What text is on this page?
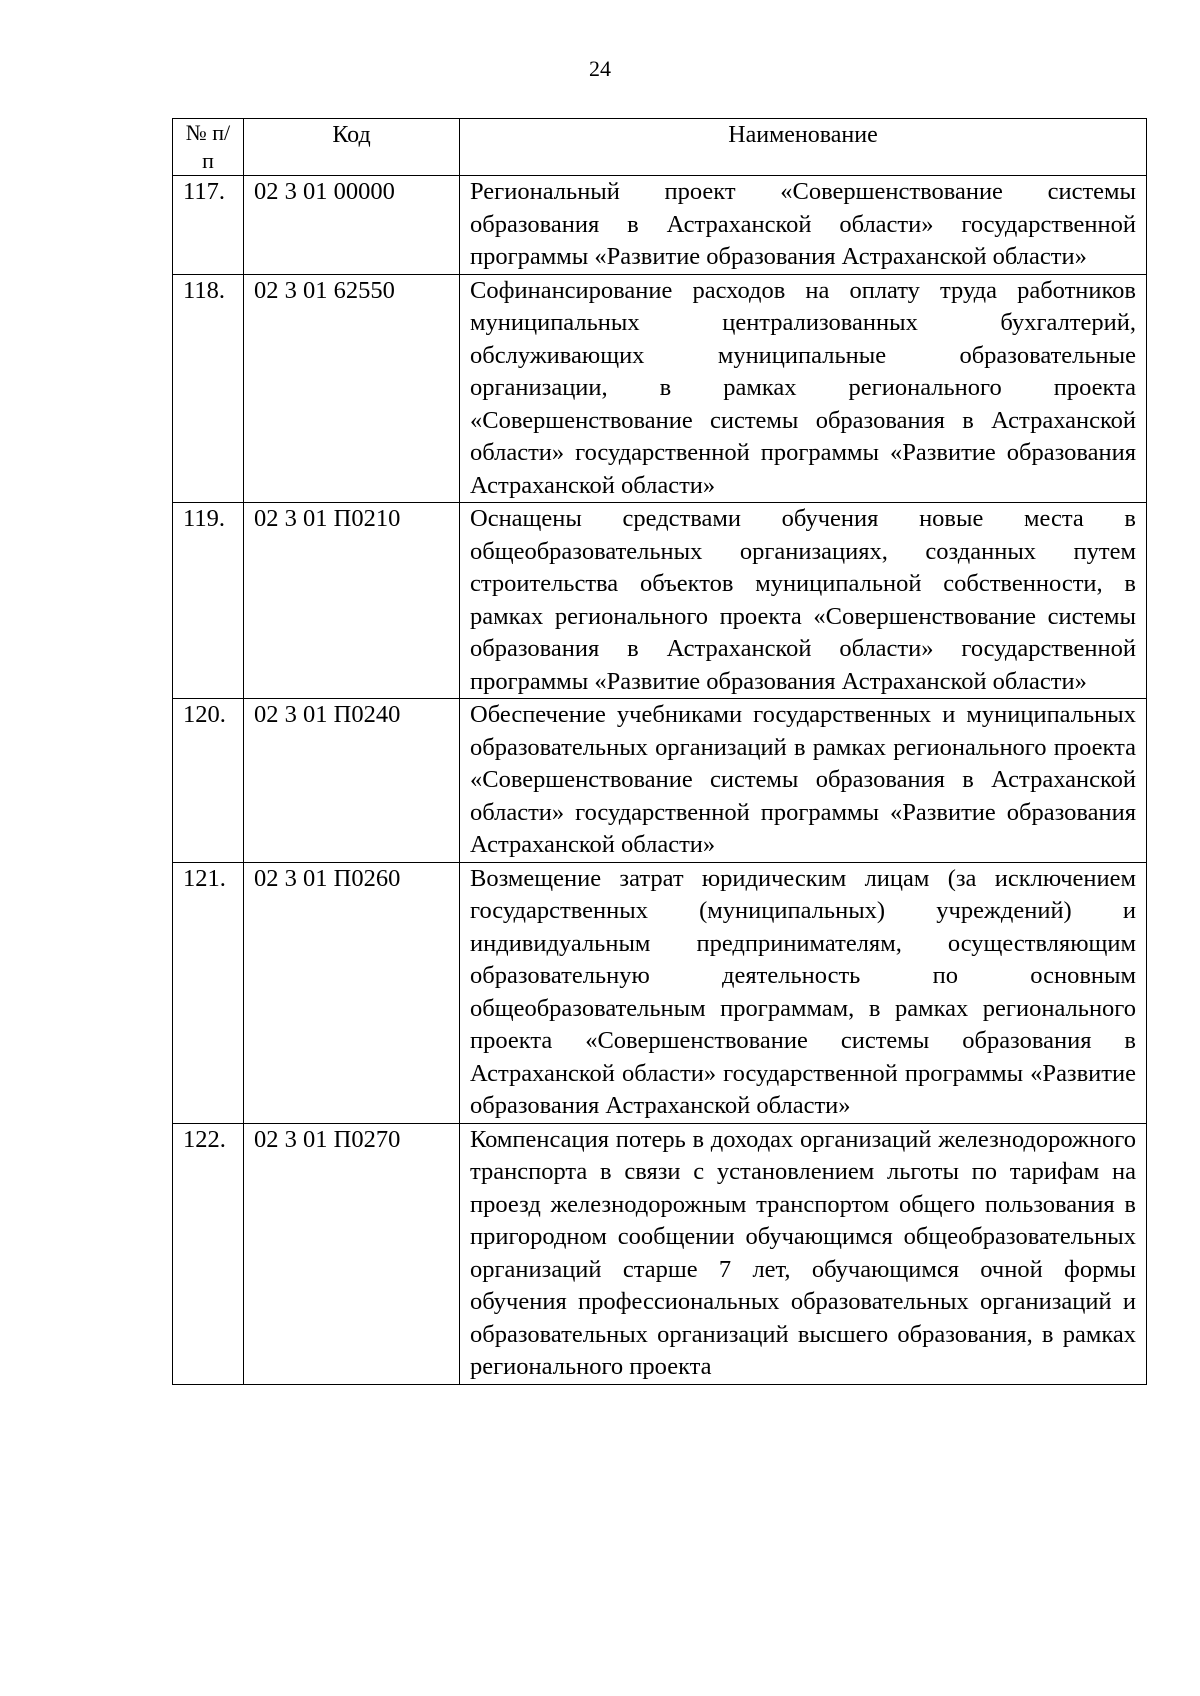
24
№ п/п	Код	Наименование
117.	02 3 01 00000	Региональный проект «Совершенствование системы образования в Астраханской области» государственной программы «Развитие образования Астраханской области»
118.	02 3 01 62550	Софинансирование расходов на оплату труда работников муниципальных централизованных бухгалтерий, обслуживающих муниципальные образовательные организации, в рамках регионального проекта «Совершенствование системы образования в Астраханской области» государственной программы «Развитие образования Астраханской области»
119.	02 3 01 П0210	Оснащены средствами обучения новые места в общеобразовательных организациях, созданных путем строительства объектов муниципальной собственности, в рамках регионального проекта «Совершенствование системы образования в Астраханской области» государственной программы «Развитие образования Астраханской области»
120.	02 3 01 П0240	Обеспечение учебниками государственных и муниципальных образовательных организаций в рамках регионального проекта «Совершенствование системы образования в Астраханской области» государственной программы «Развитие образования Астраханской области»
121.	02 3 01 П0260	Возмещение затрат юридическим лицам (за исключением государственных (муниципальных) учреждений) и индивидуальным предпринимателям, осуществляющим образовательную деятельность по основным общеобразовательным программам, в рамках регионального проекта «Совершенствование системы образования в Астраханской области» государственной программы «Развитие образования Астраханской области»
122.	02 3 01 П0270	Компенсация потерь в доходах организаций железнодорожного транспорта в связи с установлением льготы по тарифам на проезд железнодорожным транспортом общего пользования в пригородном сообщении обучающимся общеобразовательных организаций старше 7 лет, обучающимся очной формы обучения профессиональных образовательных организаций и образовательных организаций высшего образования, в рамках регионального проекта
